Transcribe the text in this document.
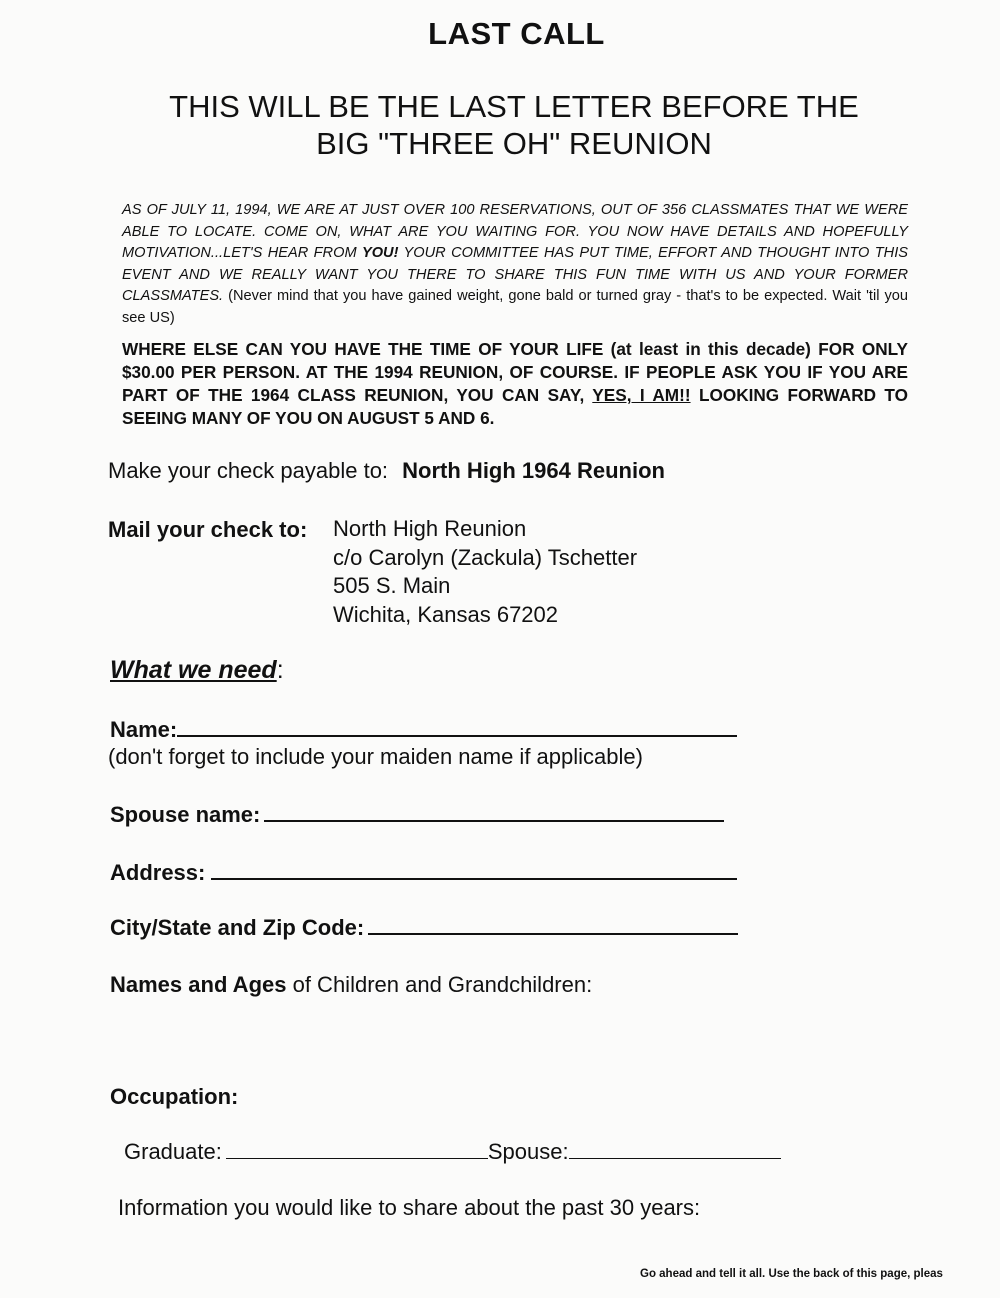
LAST CALL
THIS WILL BE THE LAST LETTER BEFORE THE
BIG "THREE OH" REUNION
AS OF JULY 11, 1994, WE ARE AT JUST OVER 100 RESERVATIONS, OUT OF 356 CLASSMATES THAT WE WERE ABLE TO LOCATE. COME ON, WHAT ARE YOU WAITING FOR. YOU NOW HAVE DETAILS AND HOPEFULLY MOTIVATION...LET'S HEAR FROM YOU! YOUR COMMITTEE HAS PUT TIME, EFFORT AND THOUGHT INTO THIS EVENT AND WE REALLY WANT YOU THERE TO SHARE THIS FUN TIME WITH US AND YOUR FORMER CLASSMATES. (Never mind that you have gained weight, gone bald or turned gray - that's to be expected. Wait 'til you see US)
WHERE ELSE CAN YOU HAVE THE TIME OF YOUR LIFE (at least in this decade) FOR ONLY $30.00 PER PERSON. AT THE 1994 REUNION, OF COURSE. IF PEOPLE ASK YOU IF YOU ARE PART OF THE 1964 CLASS REUNION, YOU CAN SAY, YES, I AM!! LOOKING FORWARD TO SEEING MANY OF YOU ON AUGUST 5 AND 6.
Make your check payable to: North High 1964 Reunion
Mail your check to: North High Reunion
c/o Carolyn (Zackula) Tschetter
505 S. Main
Wichita, Kansas 67202
What we need:
Name:
(don't forget to include your maiden name if applicable)
Spouse name:
Address:
City/State and Zip Code:
Names and Ages of Children and Grandchildren:
Occupation:
Graduate:	Spouse:
Information you would like to share about the past 30 years:
Go ahead and tell it all. Use the back of this page, pleas
